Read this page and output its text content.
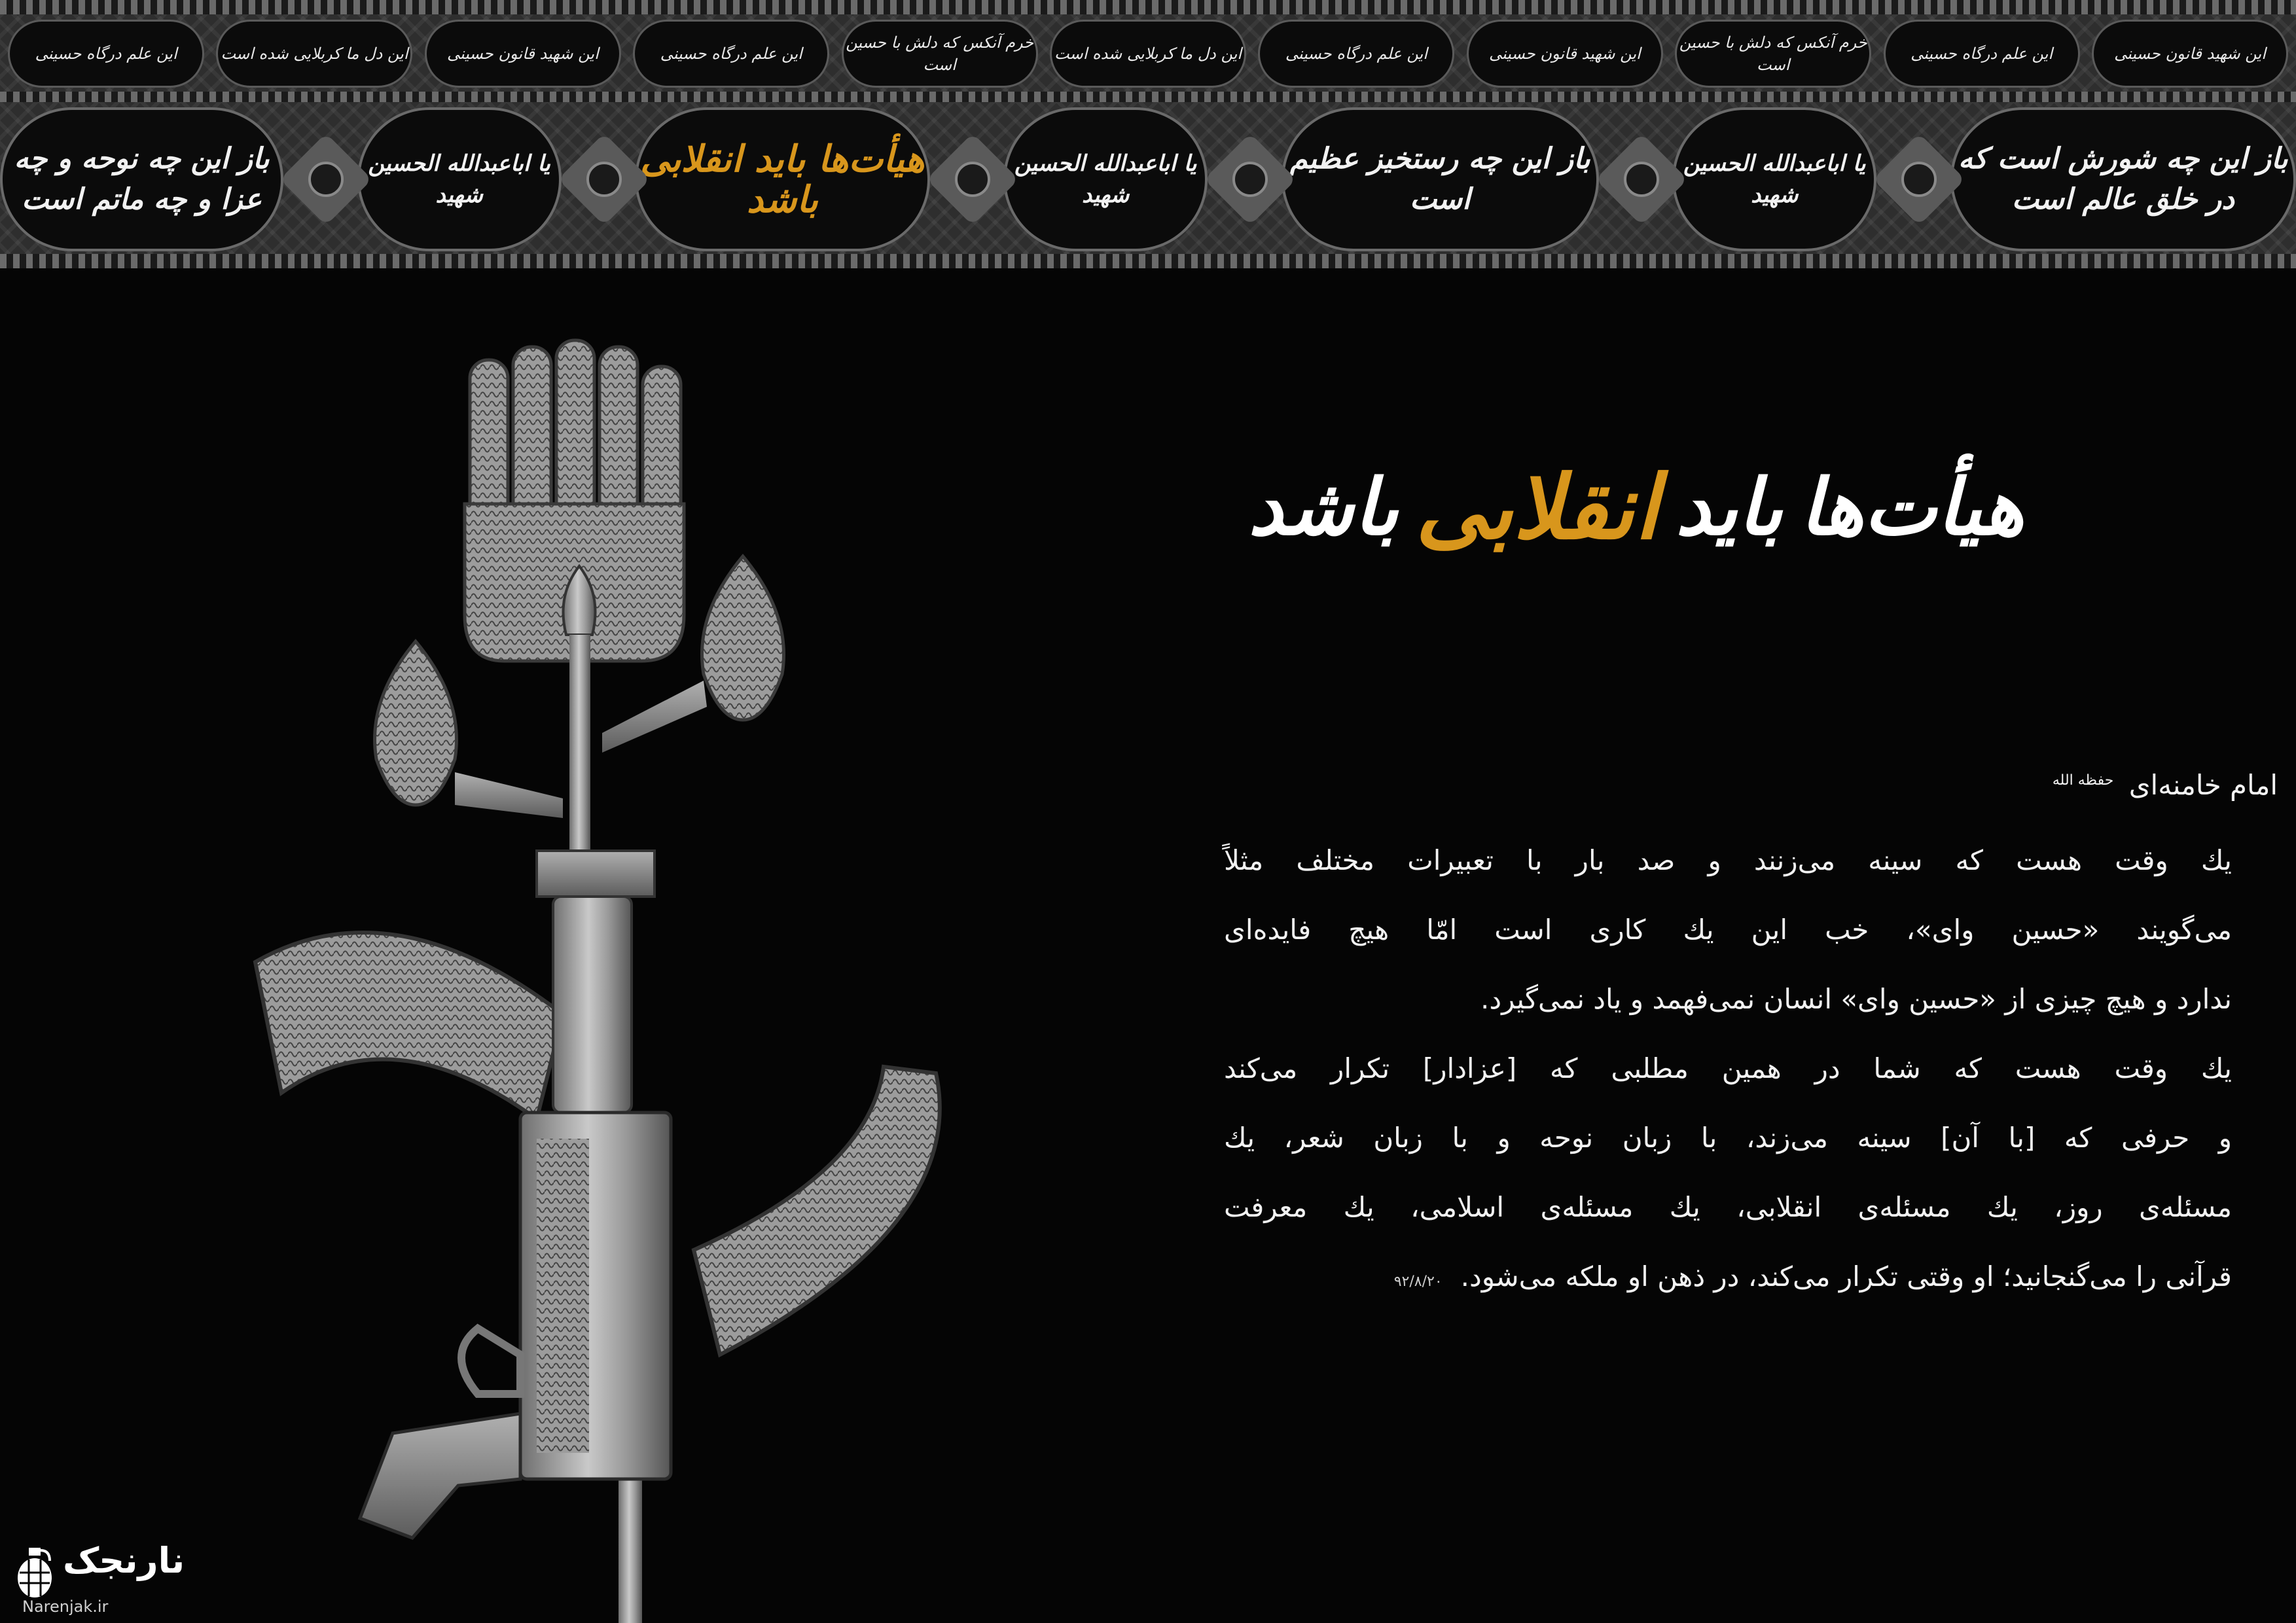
این شهید قانون حسینی
این علم درگاه حسینی
خرم آنکس که دلش با حسین است
این شهید قانون حسینی
این علم درگاه حسینی
این دل ما کربلایی شده است
خرم آنکس که دلش با حسین است
این علم درگاه حسینی
این شهید قانون حسینی
این دل ما کربلایی شده است
این علم درگاه حسینی
باز این چه شورش است که در خلق عالم است
یا اباعبدالله الحسین شهید
باز این چه رستخیز عظیم است
یا اباعبدالله الحسین شهید
هیأت‌ها باید انقلابی باشد
یا اباعبدالله الحسین شهید
باز این چه نوحه و چه عزا و چه ماتم است
هیأت‌ها
باید
انقلابی
باشد
امام خامنه‌ای $^{حفظه الله}$

یك وقت هست كه سینه می‌زنند و صد بار با تعبیرات مختلف مثلاً

می‌گویند «حسین وای»، خب این یك كاری است امّا هیچ فایده‌ای

ندارد و هیچ چیزی از «حسین وای» انسان نمی‌فهمد و یاد نمی‌گیرد.

یك وقت هست كه شما در همین مطلبی كه [عزادار] تكرار می‌كند

و حرفی كه [با آن] سینه می‌زند، با زبان نوحه و با زبان شعر، یك

مسئله‌ی روز، یك مسئله‌ی انقلابی، یك مسئله‌ی اسلامی، یك معرفت

قرآنی را می‌گنجانید؛ او وقتی تكرار می‌كند، در ذهن او ملكه می‌شود.۹۲/۸/۲۰

نارنجک
Narenjak.ir
